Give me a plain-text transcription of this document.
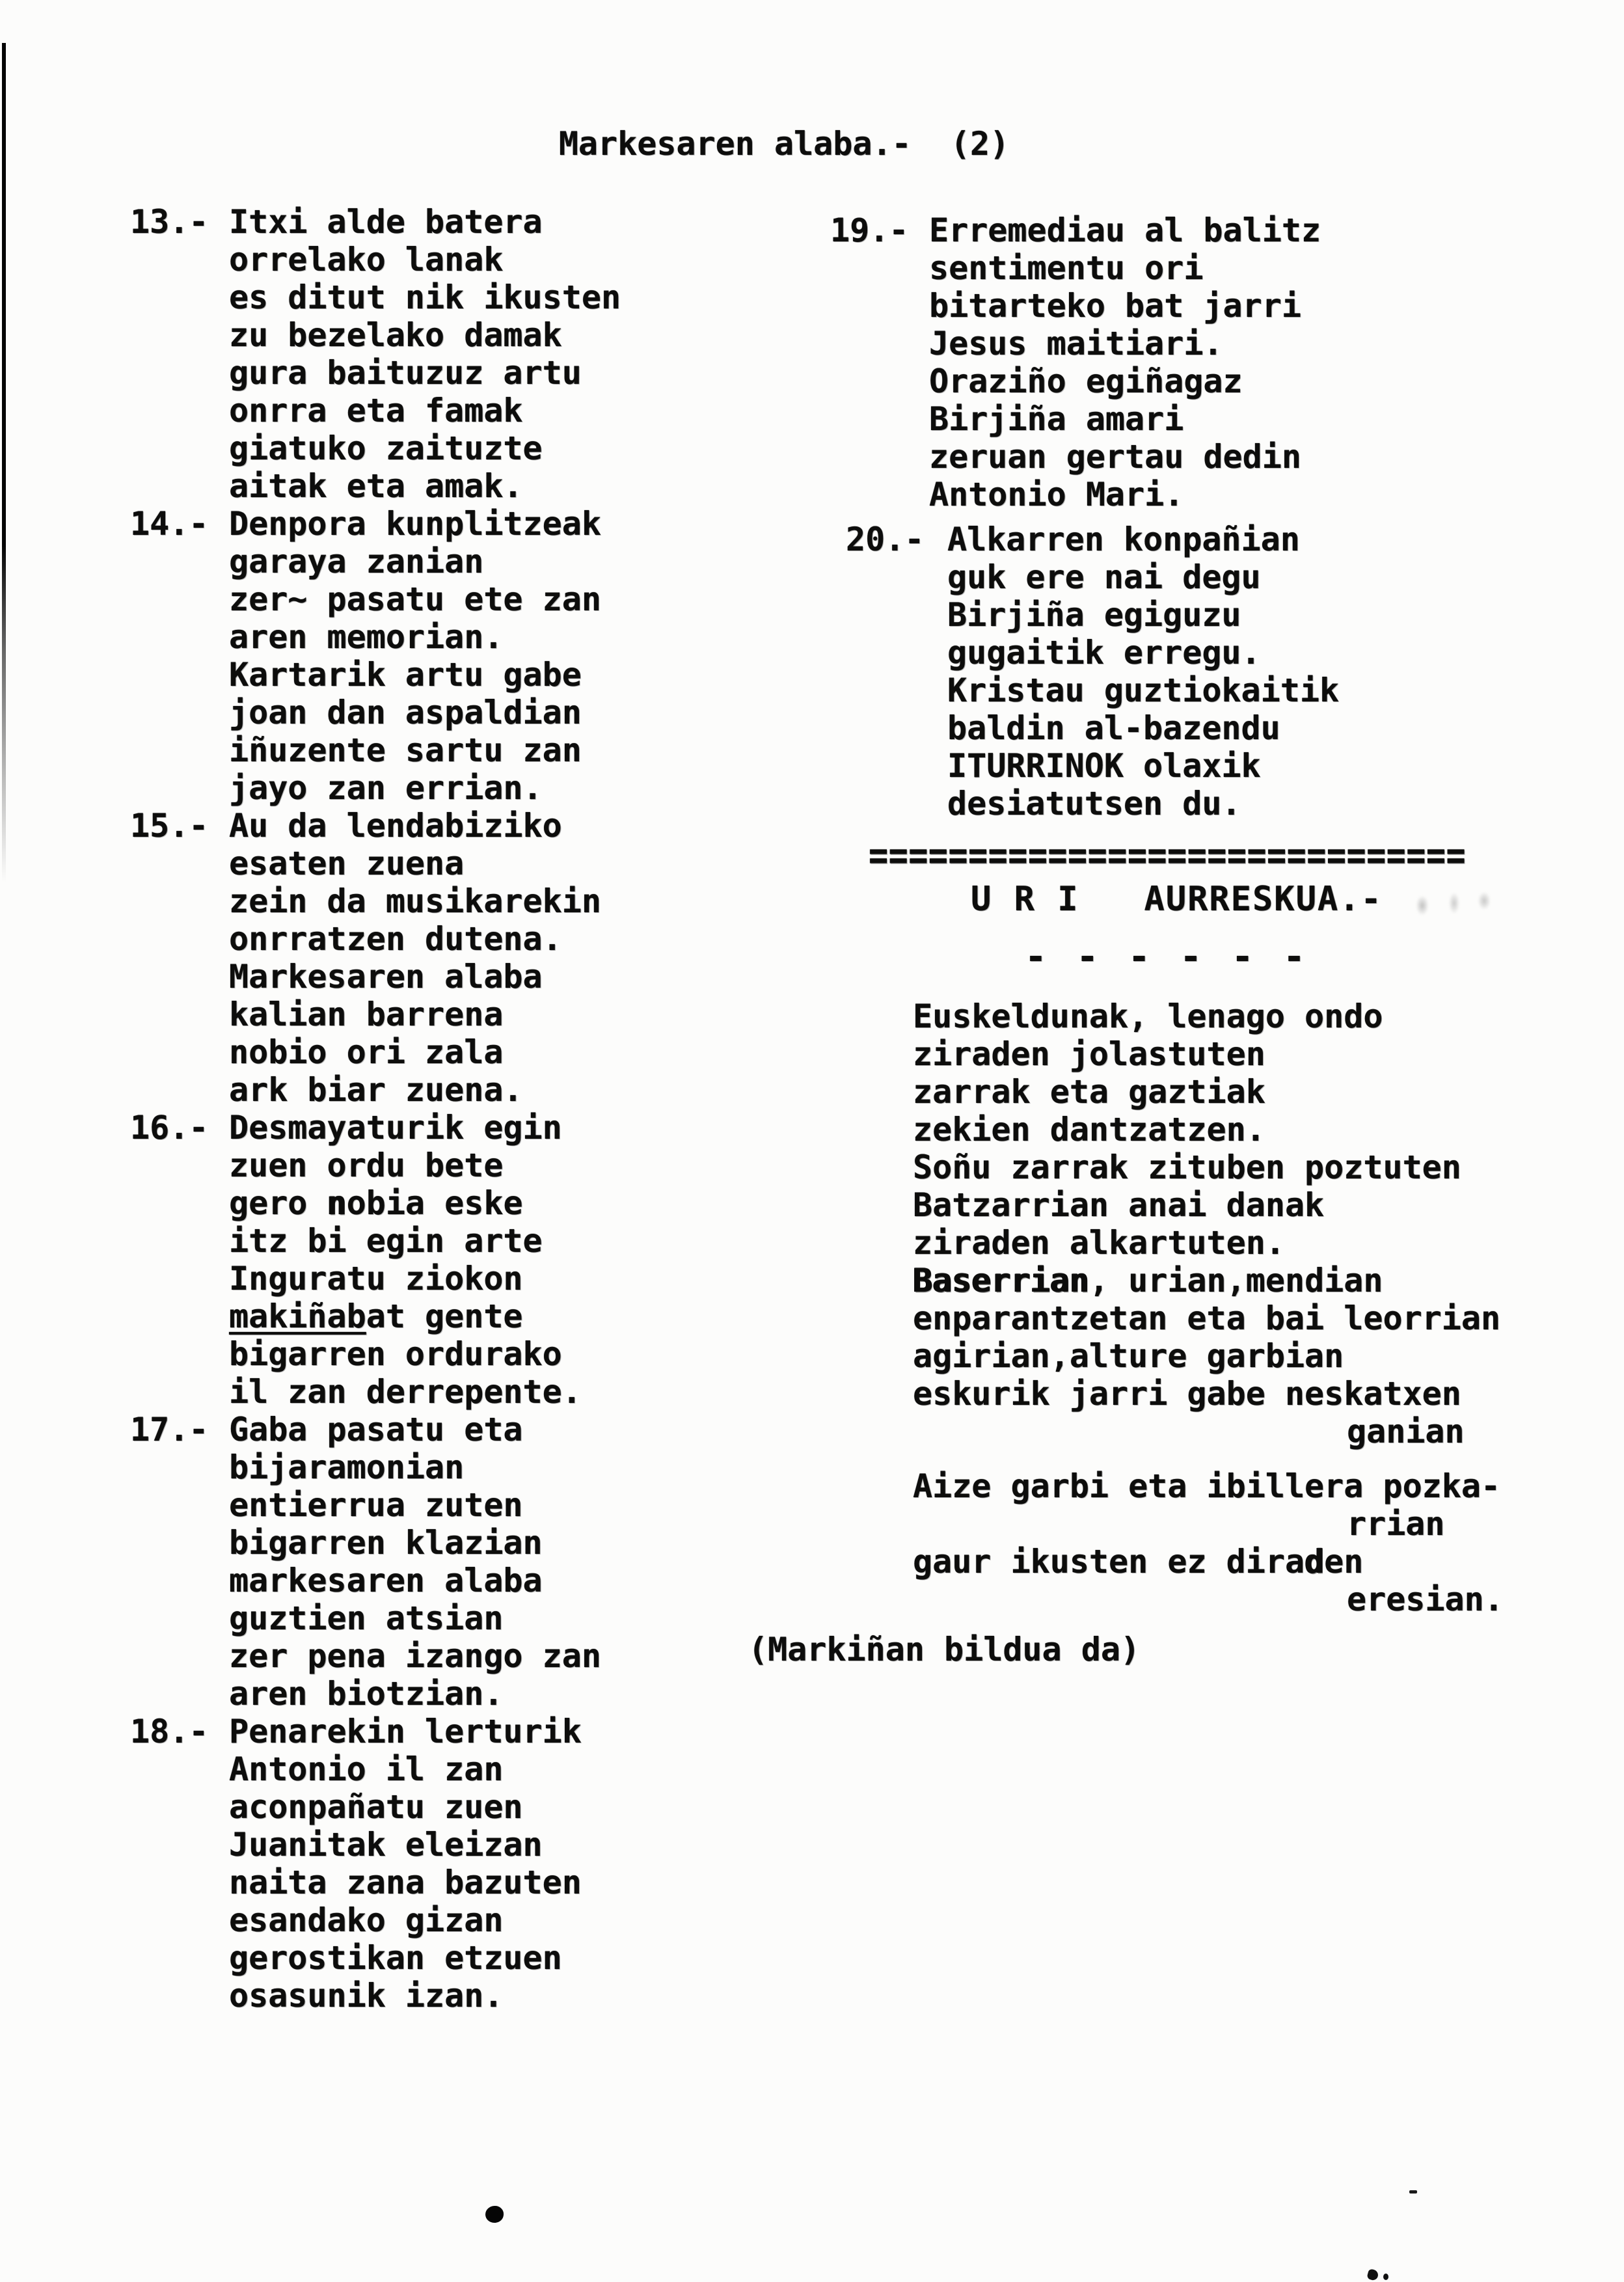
Markesaren alaba.-  (2)
13.- Itxi alde batera
orrelako lanak
es ditut nik ikusten
zu bezelako damak
gura baituzuz artu
onrra eta famak
giatuko zaituzte
aitak eta amak.
14.- Denpora kunplitzeak
garaya zanian
zer~ pasatu ete zan
aren memorian.
Kartarik artu gabe
joan dan aspaldian
iñuzente sartu zan
jayo zan errian.
15.- Au da lendabiziko
esaten zuena
zein da musikarekin
onrratzen dutena.
Markesaren alaba
kalian barrena
nobio ori zala
ark biar zuena.
16.- Desmayaturik egin
zuen ordu bete
gero nobia eske
itz bi egin arte
Inguratu ziokon
makiñabat gente
bigarren ordurako
il zan derrepente.
17.- Gaba pasatu eta
bijaramonian
entierrua zuten
bigarren klazian
markesaren alaba
guztien atsian
zer pena izango zan
aren biotzian.
18.- Penarekin lerturik
Antonio il zan
aconpañatu zuen
Juanitak eleizan
naita zana bazuten
esandako gizan
gerostikan etzuen
osasunik izan.
19.- Erremediau al balitz
sentimentu ori
bitarteko bat jarri
Jesus maitiari.
Oraziño egiñagaz
Birjiña amari
zeruan gertau dedin
Antonio Mari.
20.- Alkarren konpañian
guk ere nai degu
Birjiña egiguzu
gugaitik erregu.
Kristau guztiokaitik
baldin al-bazendu
ITURRINOK olaxik
desiatutsen du.
==============================
U R I   AURRESKUA.-
- - - - - -
Euskeldunak, lenago ondo
ziraden jolastuten
zarrak eta gaztiak
zekien dantzatzen.
Soñu zarrak zituben poztuten
Batzarrian anai danak
ziraden alkartuten.
Baserrian, urian,mendian
enparantzetan eta bai leorrian
agirian,alture garbian
eskurik jarri gabe neskatxen
ganian
Aize garbi eta ibillera pozka-
rrian
gaur ikusten ez diraden
eresian.
(Markiñan bildua da)
